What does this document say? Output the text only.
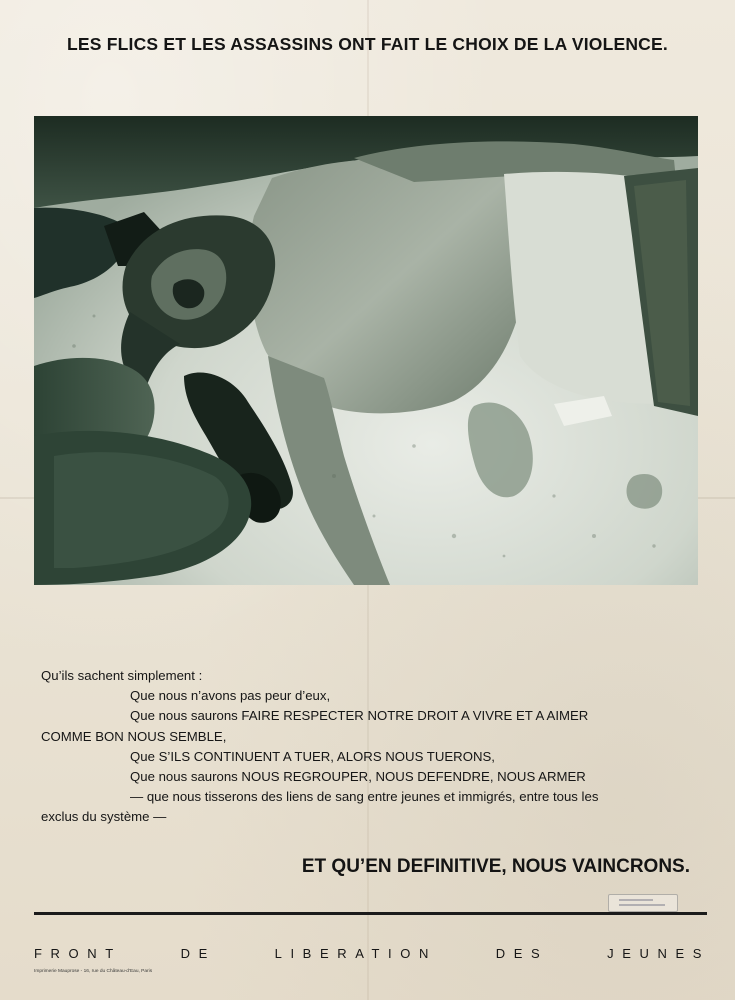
LES FLICS ET LES ASSASSINS ONT FAIT LE CHOIX DE LA VIOLENCE.
Qu’ils sachent simplement :
Que nous n’avons pas peur d’eux,
Que nous saurons FAIRE RESPECTER NOTRE DROIT A VIVRE ET A AIMER
COMME BON NOUS SEMBLE,
Que S’ILS CONTINUENT A TUER, ALORS NOUS TUERONS,
Que nous saurons NOUS REGROUPER, NOUS DEFENDRE, NOUS ARMER
— que nous tisserons des liens de sang entre jeunes et immigrés, entre tous les
exclus du système —
ET QU’EN DEFINITIVE, NOUS VAINCRONS.
FRONT	DE	LIBERATION	DES	JEUNES
Imprimerie Mauprose - 16, rue du Château-d’Eau, Paris
